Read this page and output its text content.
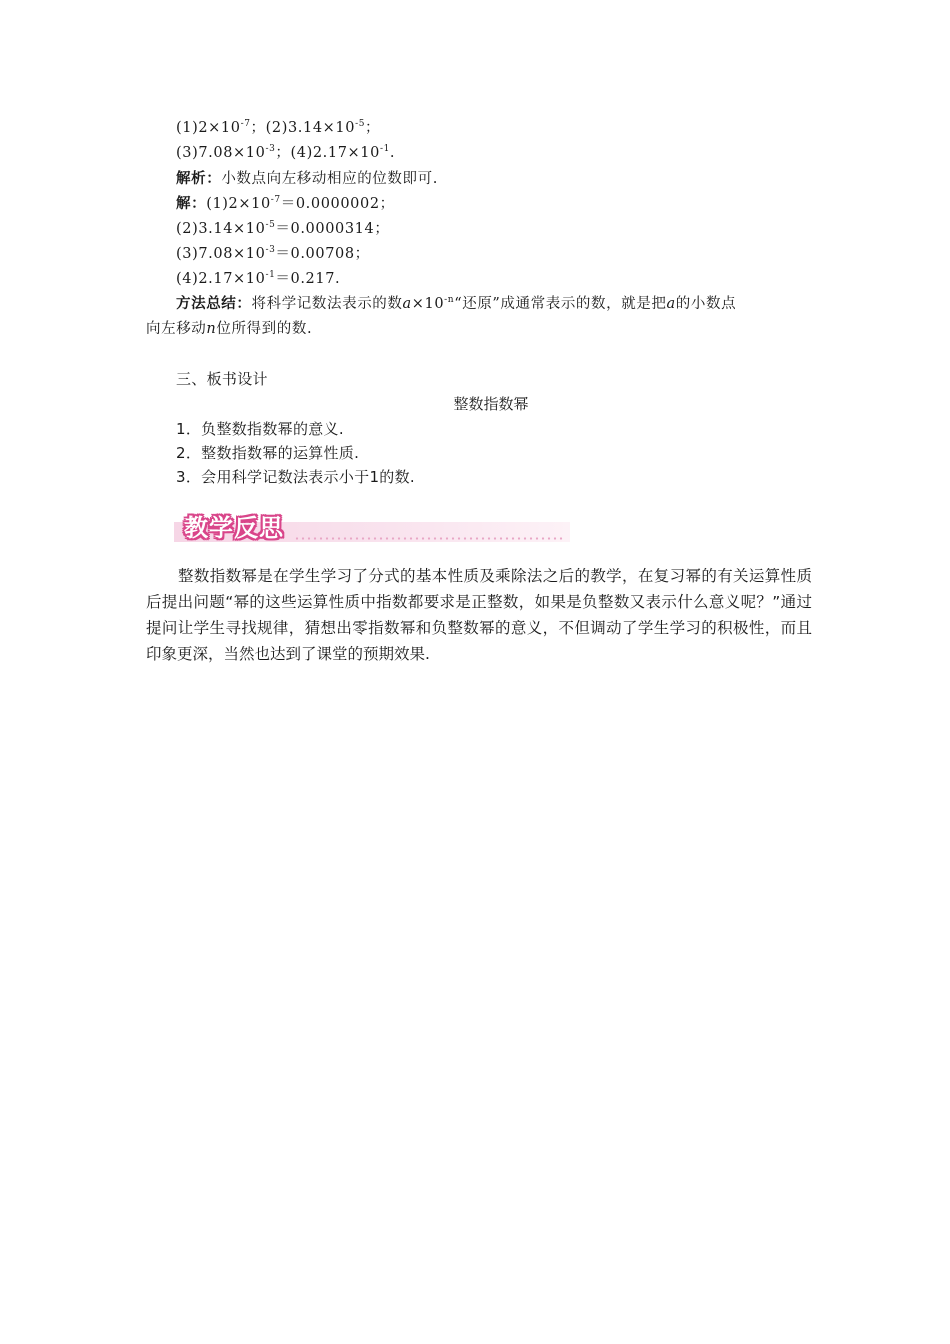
$(1)2\times 10^{-7}$；$(2)3.14\times 10^{-5}$；
$(3)7.08\times 10^{-3}$；$(4)2.17\times 10^{-1}$.
解析：小数点向左移动相应的位数即可.
解：$(1)2\times 10^{-7}=0.0000002$；
$(2)3.14\times 10^{-5}=0.0000314$；
$(3)7.08\times 10^{-3}=0.00708$；
$(4)2.17\times 10^{-1}=0.217$.
方法总结：将科学记数法表示的数$a\times 10^{-n}“$还原”成通常表示的数，就是把a的小数点
向左移动n位所得到的数.
三、板书设计
整数指数幂
1．负整数指数幂的意义.
2．整数指数幂的运算性质.
3．会用科学记数法表示小于1的数.
教学反思
整数指数幂是在学生学习了分式的基本性质及乘除法之后的教学，在复习幂的有关运算性质后提出问题“幂的这些运算性质中指数都要求是正整数，如果是负整数又表示什么意义呢？”通过提问让学生寻找规律，猜想出零指数幂和负整数幂的意义，不但调动了学生学习的积极性，而且印象更深，当然也达到了课堂的预期效果.
